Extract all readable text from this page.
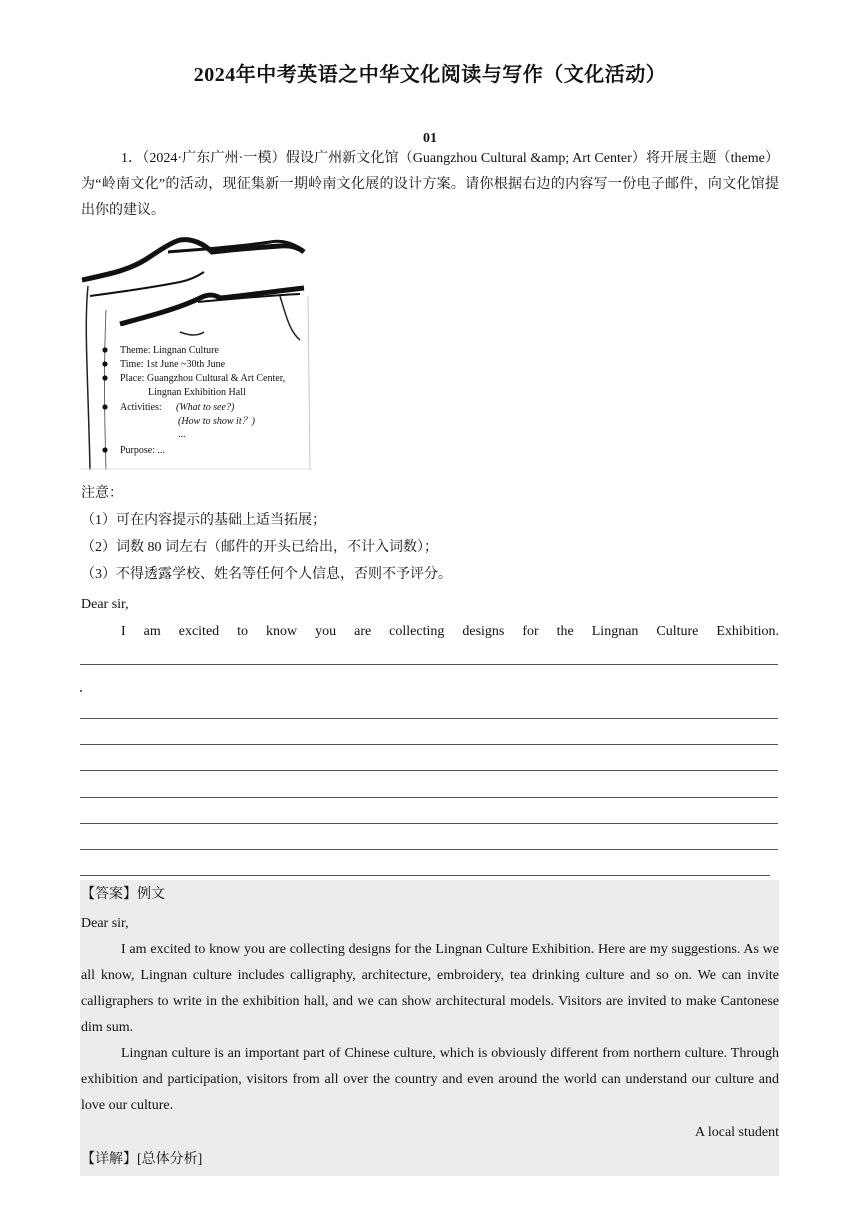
2024年中考英语之中华文化阅读与写作（文化活动）
01
1．（2024·广东广州·一模）假设广州新文化馆（Guangzhou Cultural &amp; Art Center）将开展主题（theme）为“岭南文化”的活动，现征集新一期岭南文化展的设计方案。请你根据右边的内容写一份电子邮件，向文化馆提出你的建议。
Theme: Lingnan Culture
Time: 1st June ~30th June
Place: Guangzhou Cultural & Art Center,
Lingnan Exhibition Hall
Activities: (What to see?)
(How to show it？)
...
Purpose: ...
注意：
（1）可在内容提示的基础上适当拓展；
（2）词数 80 词左右（邮件的开头已给出，不计入词数）；
（3）不得透露学校、姓名等任何个人信息，否则不予评分。
Dear sir,
I am excited to know you are collecting designs for the Lingnan Culture Exhibition.
【答案】例文
Dear sir,
I am excited to know you are collecting designs for the Lingnan Culture Exhibition. Here are my suggestions. As we all know, Lingnan culture includes calligraphy, architecture, embroidery, tea drinking culture and so on. We can invite calligraphers to write in the exhibition hall, and we can show architectural models. Visitors are invited to make Cantonese dim sum.
Lingnan culture is an important part of Chinese culture, which is obviously different from northern culture. Through exhibition and participation, visitors from all over the country and even around the world can understand our culture and love our culture.
A local student
【详解】[总体分析]
